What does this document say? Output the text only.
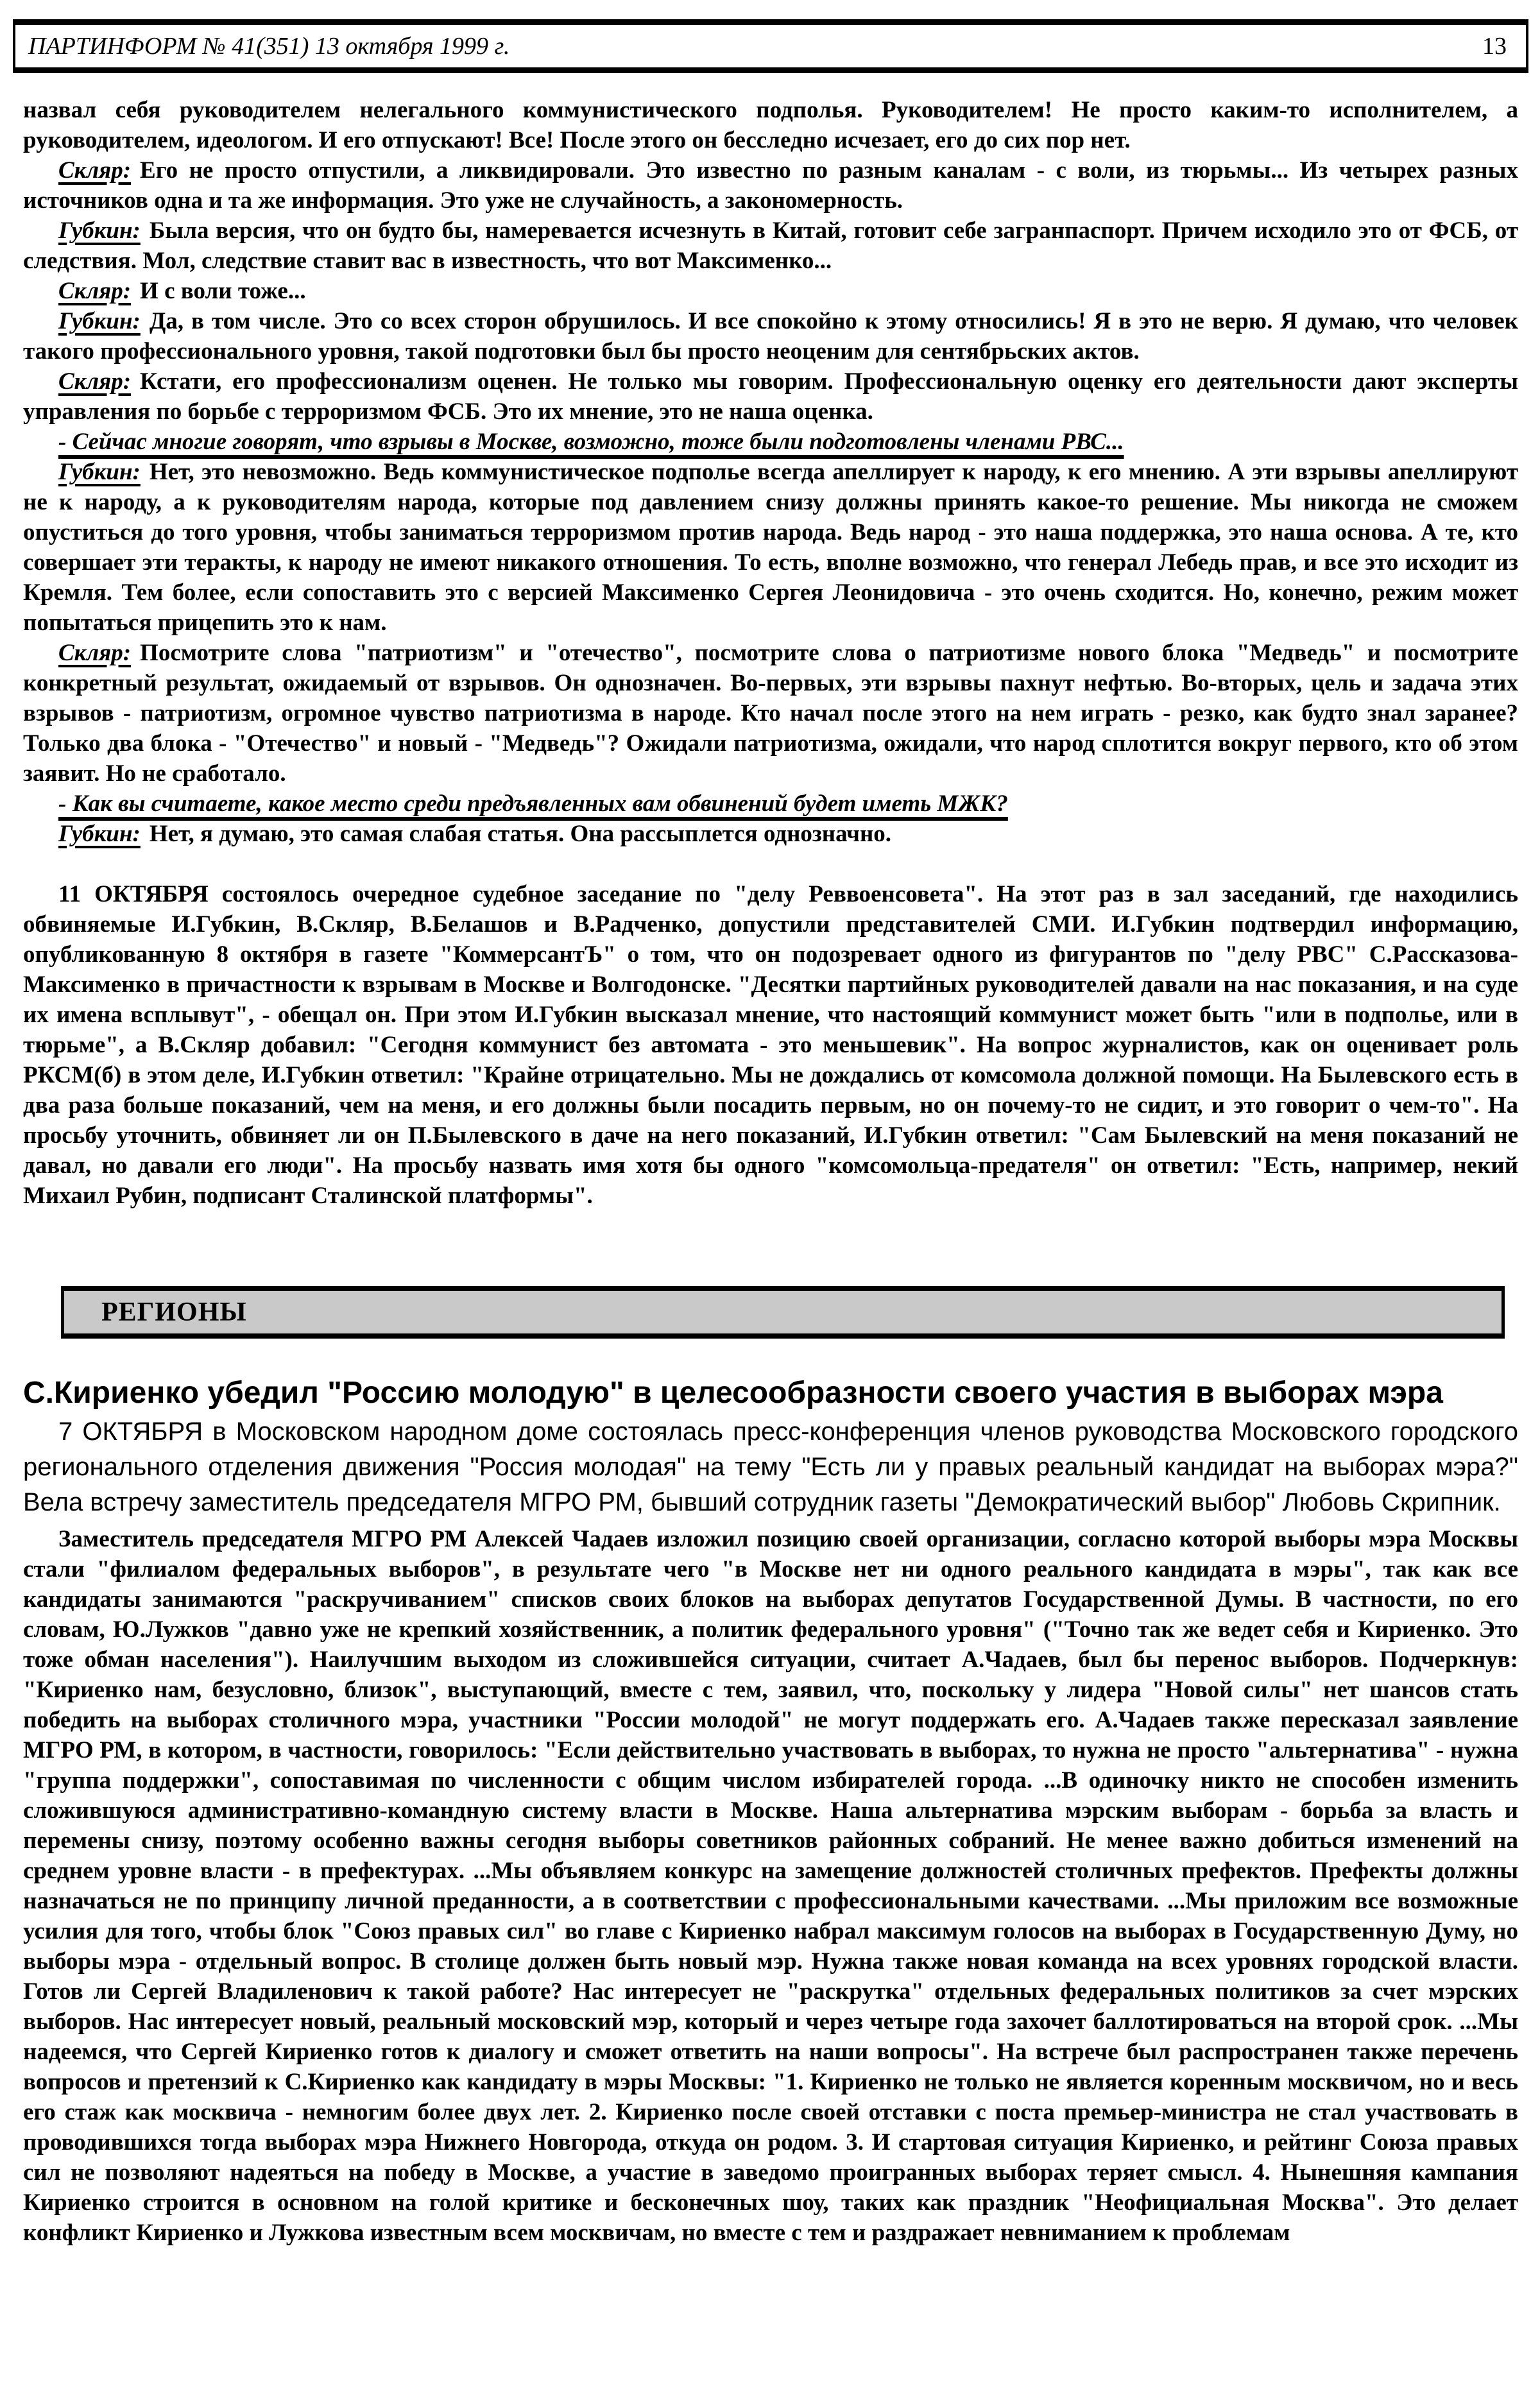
ПАРТИНФОРМ № 41(351) 13 октября 1999 г.	13

назвал себя руководителем нелегального коммунистического подполья. Руководителем! Не просто каким-то исполнителем, а руководителем, идеологом. И его отпускают! Все! После этого он бесследно исчезает, его до сих пор нет.

Скляр: Его не просто отпустили, а ликвидировали. Это известно по разным каналам - с воли, из тюрьмы... Из четырех разных источников одна и та же информация. Это уже не случайность, а закономерность.

Губкин: Была версия, что он будто бы, намеревается исчезнуть в Китай, готовит себе загранпаспорт. Причем исходило это от ФСБ, от следствия. Мол, следствие ставит вас в известность, что вот Максименко...

Скляр: И с воли тоже...

Губкин: Да, в том числе. Это со всех сторон обрушилось. И все спокойно к этому относились! Я в это не верю. Я думаю, что человек такого профессионального уровня, такой подготовки был бы просто неоценим для сентябрьских актов.

Скляр: Кстати, его профессионализм оценен. Не только мы говорим. Профессиональную оценку его деятельности дают эксперты управления по борьбе с терроризмом ФСБ. Это их мнение, это не наша оценка.

- Сейчас многие говорят, что взрывы в Москве, возможно, тоже были подготовлены членами РВС...

Губкин: Нет, это невозможно. Ведь коммунистическое подполье всегда апеллирует к народу, к его мнению. А эти взрывы апеллируют не к народу, а к руководителям народа, которые под давлением снизу должны принять какое-то решение. Мы никогда не сможем опуститься до того уровня, чтобы заниматься терроризмом против народа. Ведь народ - это наша поддержка, это наша основа. А те, кто совершает эти теракты, к народу не имеют никакого отношения. То есть, вполне возможно, что генерал Лебедь прав, и все это исходит из Кремля. Тем более, если сопоставить это с версией Максименко Сергея Леонидовича - это очень сходится. Но, конечно, режим может попытаться прицепить это к нам.

Скляр: Посмотрите слова "патриотизм" и "отечество", посмотрите слова о патриотизме нового блока "Медведь" и посмотрите конкретный результат, ожидаемый от взрывов. Он однозначен. Во-первых, эти взрывы пахнут нефтью. Во-вторых, цель и задача этих взрывов - патриотизм, огромное чувство патриотизма в народе. Кто начал после этого на нем играть - резко, как будто знал заранее? Только два блока - "Отечество" и новый - "Медведь"? Ожидали патриотизма, ожидали, что народ сплотится вокруг первого, кто об этом заявит. Но не сработало.

- Как вы считаете, какое место среди предъявленных вам обвинений будет иметь МЖК?

Губкин: Нет, я думаю, это самая слабая статья. Она рассыплется однозначно.

11 ОКТЯБРЯ состоялось очередное судебное заседание по "делу Реввоенсовета". На этот раз в зал заседаний, где находились обвиняемые И.Губкин, В.Скляр, В.Белашов и В.Радченко, допустили представителей СМИ. И.Губкин подтвердил информацию, опубликованную 8 октября в газете "КоммерсантЪ" о том, что он подозревает одного из фигурантов по "делу РВС" С.Рассказова-Максименко в причастности к взрывам в Москве и Волгодонске. "Десятки партийных руководителей давали на нас показания, и на суде их имена всплывут", - обещал он. При этом И.Губкин высказал мнение, что настоящий коммунист может быть "или в подполье, или в тюрьме", а В.Скляр добавил: "Сегодня коммунист без автомата - это меньшевик". На вопрос журналистов, как он оценивает роль РКСМ(б) в этом деле, И.Губкин ответил: "Крайне отрицательно. Мы не дождались от комсомола должной помощи. На Былевского есть в два раза больше показаний, чем на меня, и его должны были посадить первым, но он почему-то не сидит, и это говорит о чем-то". На просьбу уточнить, обвиняет ли он П.Былевского в даче на него показаний, И.Губкин ответил: "Сам Былевский на меня показаний не давал, но давали его люди". На просьбу назвать имя хотя бы одного "комсомольца-предателя" он ответил: "Есть, например, некий Михаил Рубин, подписант Сталинской платформы".

РЕГИОНЫ
С.Кириенко убедил "Россию молодую" в целесообразности своего участия в выборах мэра

7 ОКТЯБРЯ в Московском народном доме состоялась пресс-конференция членов руководства Московского городского регионального отделения движения "Россия молодая" на тему "Есть ли у правых реальный кандидат на выборах мэра?" Вела встречу заместитель председателя МГРО РМ, бывший сотрудник газеты "Демократический выбор" Любовь Скрипник.

Заместитель председателя МГРО РМ Алексей Чадаев изложил позицию своей организации, согласно которой выборы мэра Москвы стали "филиалом федеральных выборов", в результате чего "в Москве нет ни одного реального кандидата в мэры", так как все кандидаты занимаются "раскручиванием" списков своих блоков на выборах депутатов Государственной Думы. В частности, по его словам, Ю.Лужков "давно уже не крепкий хозяйственник, а политик федерального уровня" ("Точно так же ведет себя и Кириенко. Это тоже обман населения"). Наилучшим выходом из сложившейся ситуации, считает А.Чадаев, был бы перенос выборов. Подчеркнув: "Кириенко нам, безусловно, близок", выступающий, вместе с тем, заявил, что, поскольку у лидера "Новой силы" нет шансов стать победить на выборах столичного мэра, участники "России молодой" не могут поддержать его. А.Чадаев также пересказал заявление МГРО РМ, в котором, в частности, говорилось: "Если действительно участвовать в выборах, то нужна не просто "альтернатива" - нужна "группа поддержки", сопоставимая по численности с общим числом избирателей города. ...В одиночку никто не способен изменить сложившуюся административно-командную систему власти в Москве. Наша альтернатива мэрским выборам - борьба за власть и перемены снизу, поэтому особенно важны сегодня выборы советников районных собраний. Не менее важно добиться изменений на среднем уровне власти - в префектурах. ...Мы объявляем конкурс на замещение должностей столичных префектов. Префекты должны назначаться не по принципу личной преданности, а в соответствии с профессиональными качествами. ...Мы приложим все возможные усилия для того, чтобы блок "Союз правых сил" во главе с Кириенко набрал максимум голосов на выборах в Государственную Думу, но выборы мэра - отдельный вопрос. В столице должен быть новый мэр. Нужна также новая команда на всех уровнях городской власти. Готов ли Сергей Владиленович к такой работе? Нас интересует не "раскрутка" отдельных федеральных политиков за счет мэрских выборов. Нас интересует новый, реальный московский мэр, который и через четыре года захочет баллотироваться на второй срок. ...Мы надеемся, что Сергей Кириенко готов к диалогу и сможет ответить на наши вопросы". На встрече был распространен также перечень вопросов и претензий к С.Кириенко как кандидату в мэры Москвы: "1. Кириенко не только не является коренным москвичом, но и весь его стаж как москвича - немногим более двух лет. 2. Кириенко после своей отставки с поста премьер-министра не стал участвовать в проводившихся тогда выборах мэра Нижнего Новгорода, откуда он родом. 3. И стартовая ситуация Кириенко, и рейтинг Союза правых сил не позволяют надеяться на победу в Москве, а участие в заведомо проигранных выборах теряет смысл. 4. Нынешняя кампания Кириенко строится в основном на голой критике и бесконечных шоу, таких как праздник "Неофициальная Москва". Это делает конфликт Кириенко и Лужкова известным всем москвичам, но вместе с тем и раздражает невниманием к проблемам
